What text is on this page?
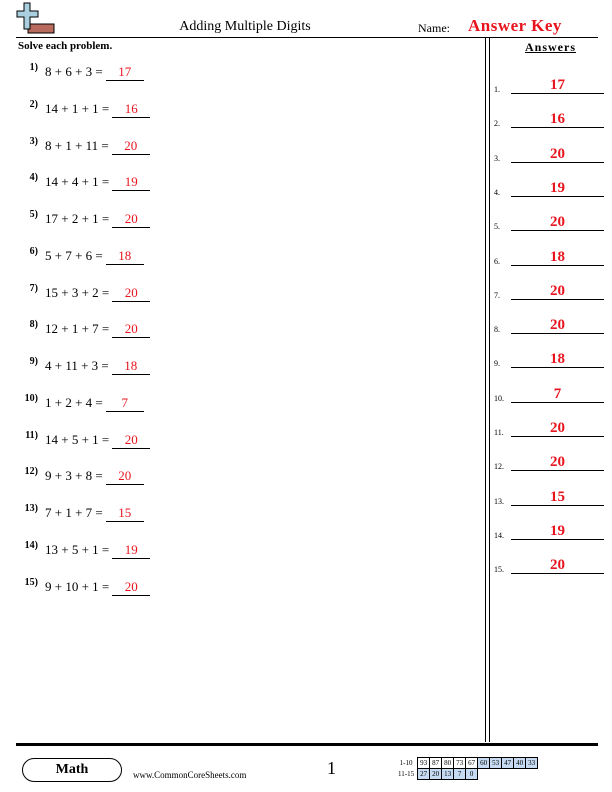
Adding Multiple Digits	Name: Answer Key
Solve each problem.	Answers
1) 8 + 6 + 3 = 17
2) 14 + 1 + 1 = 16
3) 8 + 1 + 11 = 20
4) 14 + 4 + 1 = 19
5) 17 + 2 + 1 = 20
6) 5 + 7 + 6 = 18
7) 15 + 3 + 2 = 20
8) 12 + 1 + 7 = 20
9) 4 + 11 + 3 = 18
10) 1 + 2 + 4 = 7
11) 14 + 5 + 1 = 20
12) 9 + 3 + 8 = 20
13) 7 + 1 + 7 = 15
14) 13 + 5 + 1 = 19
15) 9 + 10 + 1 = 20
1.	17
2.	16
3.	20
4.	19
5.	20
6.	18
7.	20
8.	20
9.	18
10.	7
11.	20
12.	20
13.	15
14.	19
15.	20
Math	www.CommonCoreSheets.com	1	1-10	93	87	80	73	67	60	53	47	40	33
11-15	27	20	13	7	0					
